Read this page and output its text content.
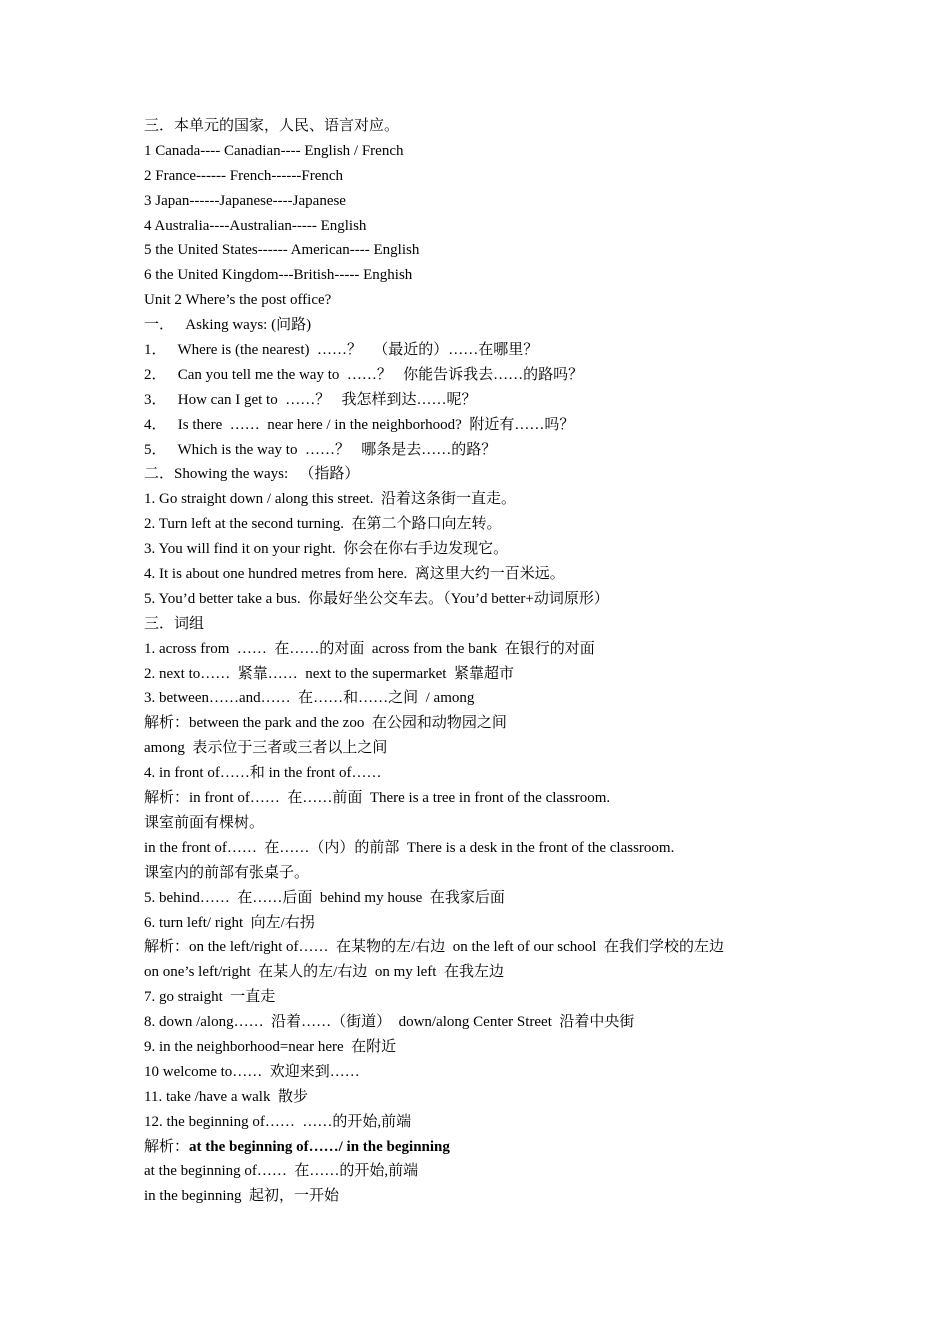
三．本单元的国家，人民、语言对应。
1 Canada---- Canadian---- English / French
2 France------ French------French
3 Japan------Japanese----Japanese
4 Australia----Australian----- English
5 the United States------ American---- English
6 the United Kingdom---British----- Enghish
Unit 2 Where’s the post office?
一．   Asking ways: (问路)
1．   Where is (the nearest)  ……？   （最近的）……在哪里？
2．   Can you tell me the way to  ……？   你能告诉我去……的路吗？
3．   How can I get to  ……？   我怎样到达……呢？
4．   Is there  ……  near here / in the neighborhood?  附近有……吗？
5．   Which is the way to  ……？   哪条是去……的路？
二．Showing the ways:   （指路）
1. Go straight down / along this street.  沿着这条街一直走。
2. Turn left at the second turning.  在第二个路口向左转。
3. You will find it on your right.  你会在你右手边发现它。
4. It is about one hundred metres from here.  离这里大约一百米远。
5. You’d better take a bus.  你最好坐公交车去。（You’d better+动词原形）
三．词组
1. across from  ……  在……的对面  across from the bank  在银行的对面
2. next to……  紧靠……  next to the supermarket  紧靠超市
3. between……and……  在……和……之间  / among
解析：between the park and the zoo  在公园和动物园之间
among  表示位于三者或三者以上之间
4. in front of……和 in the front of……
解析：in front of……  在……前面  There is a tree in front of the classroom.
课室前面有棵树。
in the front of……  在……（内）的前部  There is a desk in the front of the classroom.
课室内的前部有张桌子。
5. behind……  在……后面  behind my house  在我家后面
6. turn left/ right  向左/右拐
解析：on the left/right of……  在某物的左/右边  on the left of our school  在我们学校的左边
on one’s left/right  在某人的左/右边  on my left  在我左边
7. go straight  一直走
8. down /along……  沿着……（街道）  down/along Center Street  沿着中央街
9. in the neighborhood=near here  在附近
10 welcome to……  欢迎来到……
11. take /have a walk  散步
12. the beginning of……  ……的开始,前端
解析：at the beginning of……/ in the beginning
at the beginning of……  在……的开始,前端
in the beginning  起初，一开始
